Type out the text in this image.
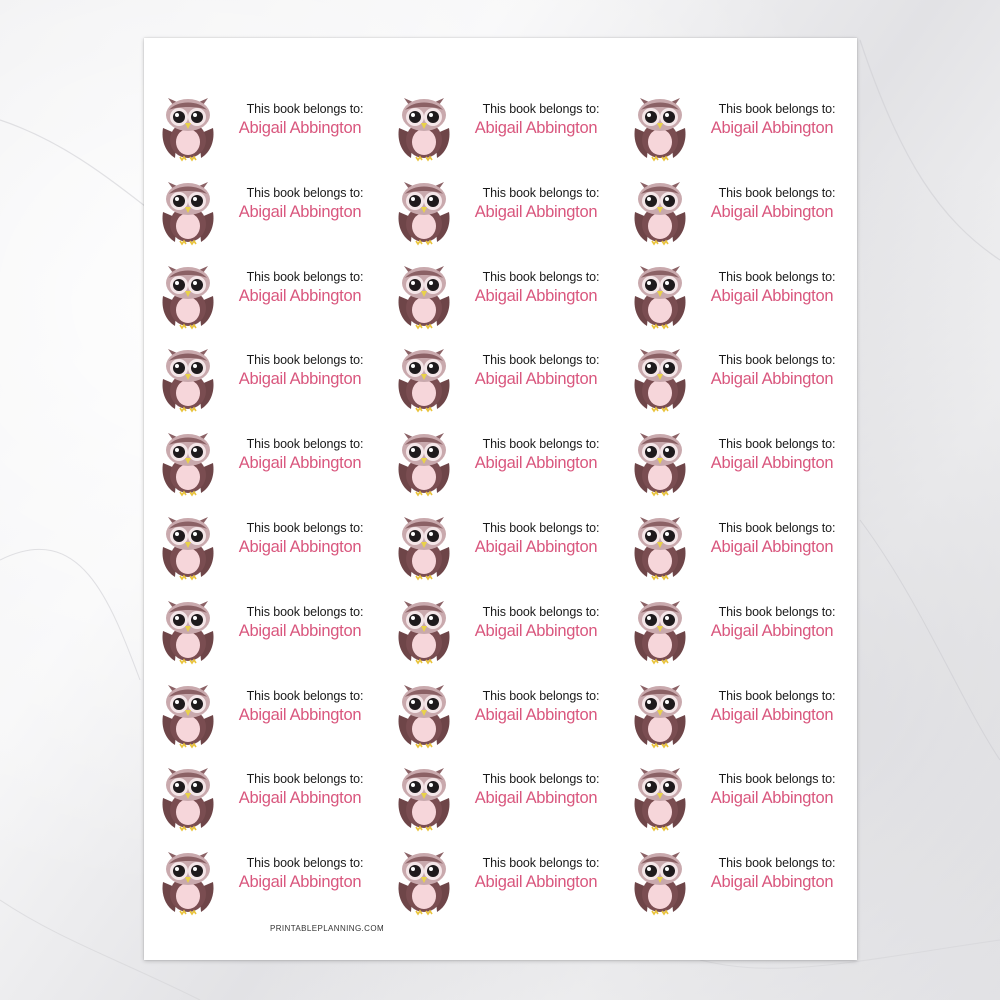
This book belongs to:
Abigail Abbington
This book belongs to:
Abigail Abbington
This book belongs to:
Abigail Abbington
This book belongs to:
Abigail Abbington
This book belongs to:
Abigail Abbington
This book belongs to:
Abigail Abbington
This book belongs to:
Abigail Abbington
This book belongs to:
Abigail Abbington
This book belongs to:
Abigail Abbington
This book belongs to:
Abigail Abbington
This book belongs to:
Abigail Abbington
This book belongs to:
Abigail Abbington
This book belongs to:
Abigail Abbington
This book belongs to:
Abigail Abbington
This book belongs to:
Abigail Abbington
This book belongs to:
Abigail Abbington
This book belongs to:
Abigail Abbington
This book belongs to:
Abigail Abbington
This book belongs to:
Abigail Abbington
This book belongs to:
Abigail Abbington
This book belongs to:
Abigail Abbington
This book belongs to:
Abigail Abbington
This book belongs to:
Abigail Abbington
This book belongs to:
Abigail Abbington
This book belongs to:
Abigail Abbington
This book belongs to:
Abigail Abbington
This book belongs to:
Abigail Abbington
This book belongs to:
Abigail Abbington
This book belongs to:
Abigail Abbington
This book belongs to:
Abigail Abbington
PRINTABLEPLANNING.COM
